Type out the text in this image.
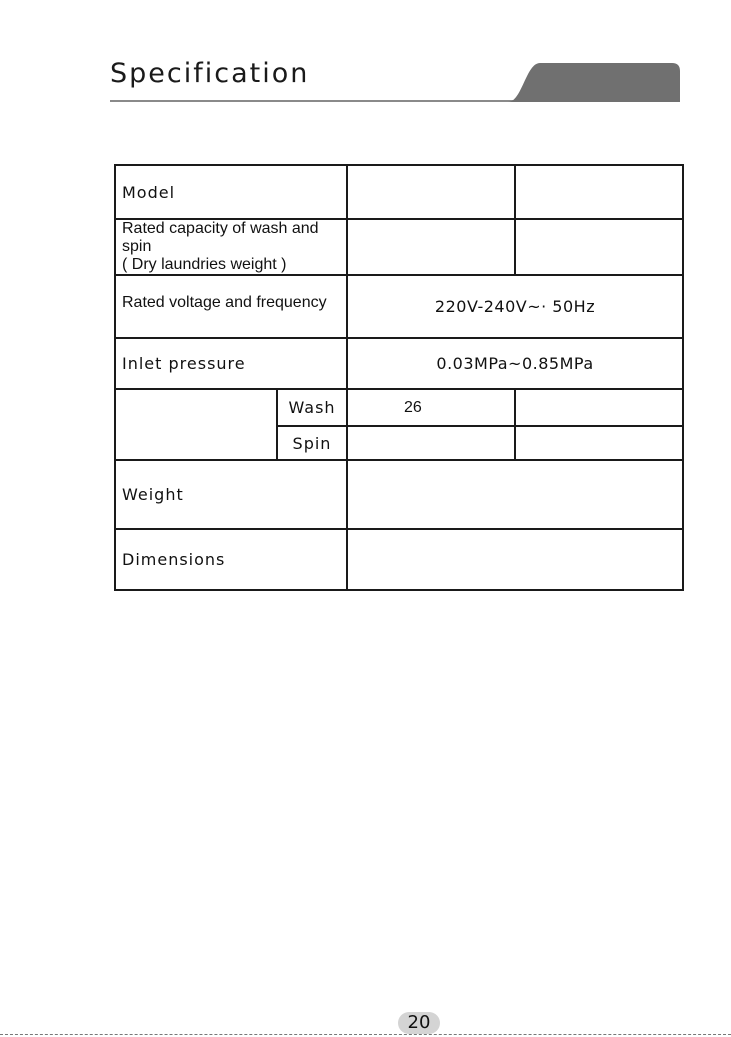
Specification
Model			

Rated capacity of wash and spin
( Dry laundries weight )			

Rated voltage and frequency		220V-240V~· 50Hz	
Inlet pressure		0.03MPa~0.85MPa	
	Wash	26	
	Spin		
Weight			
Dimensions			
20
